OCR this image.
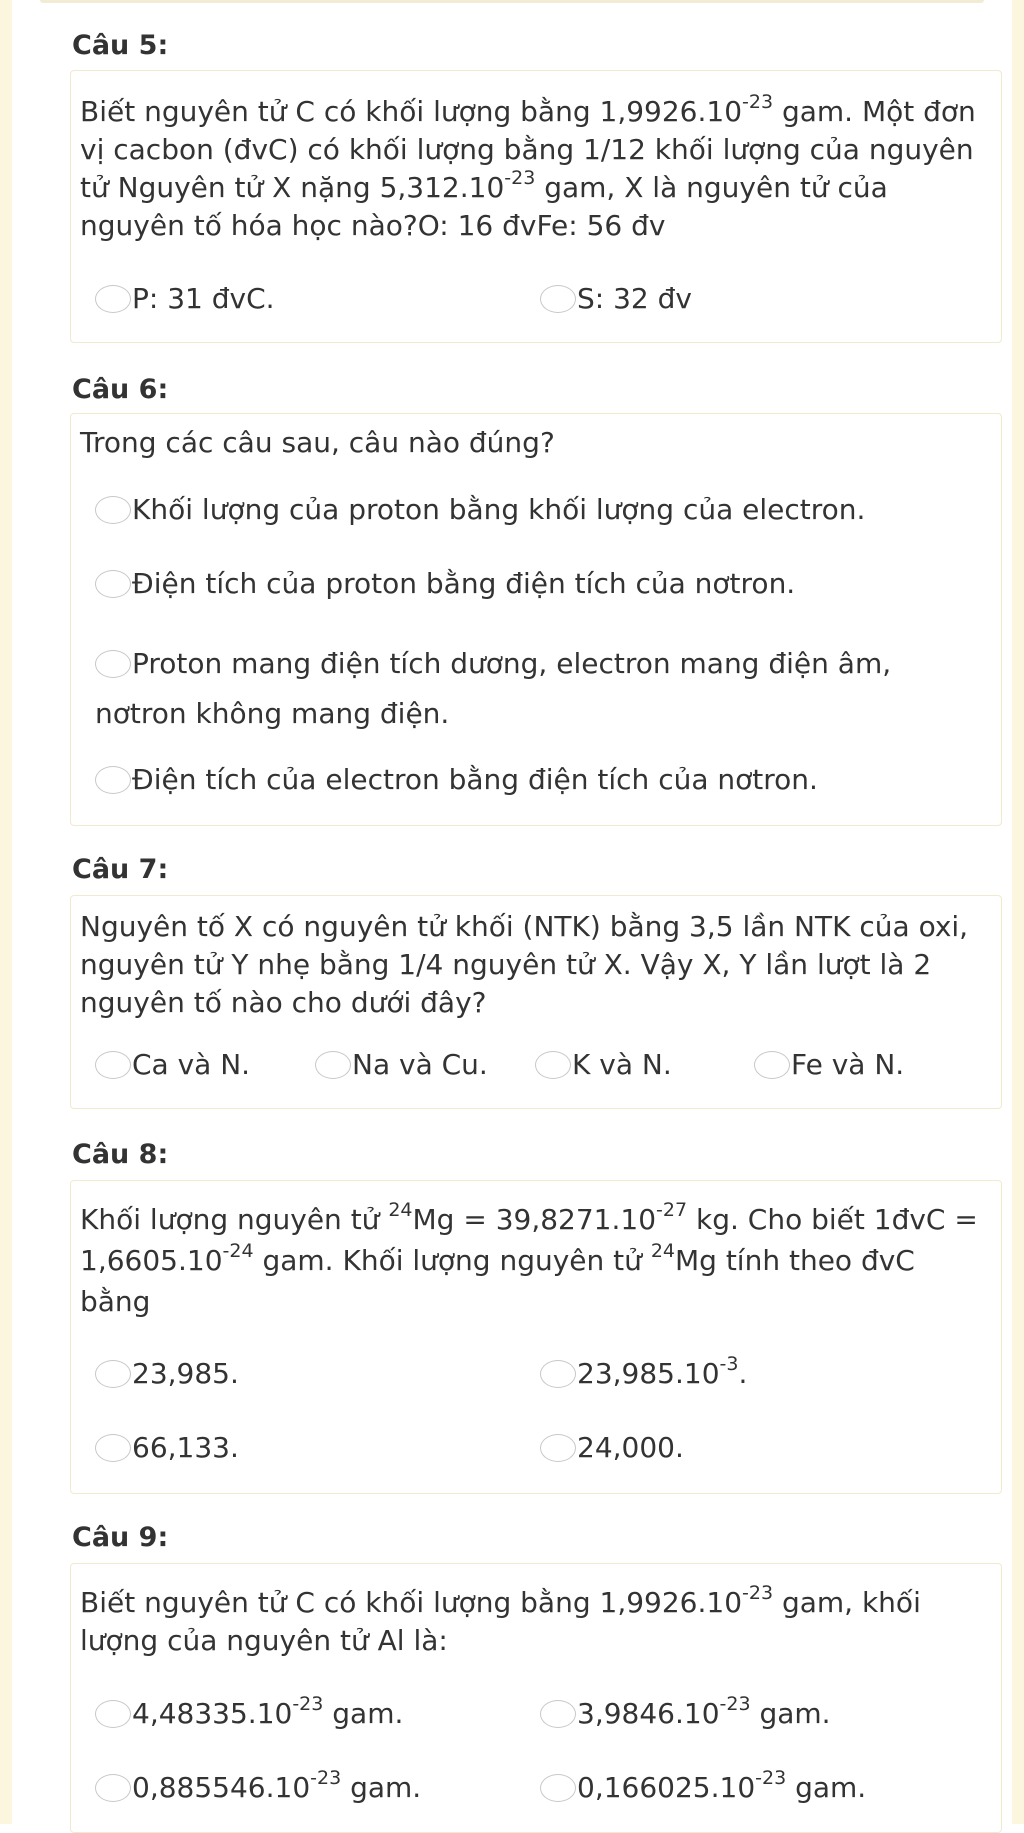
Câu 5:
Biết nguyên tử C có khối lượng bằng $1,9926.10^{-23}$ gam. Một đơn vị cacbon (đvC) có khối lượng bằng 1/12 khối lượng của nguyên tử Nguyên tử X nặng $5,312.10^{-23}$ gam, X là nguyên tử của nguyên tố hóa học nào?O: 16 đvFe: 56 đv
P: 31 đvC.	S: 32 đv
Câu 6:
Trong các câu sau, câu nào đúng?
Khối lượng của proton bằng khối lượng của electron.
Điện tích của proton bằng điện tích của nơtron.
Proton mang điện tích dương, electron mang điện âm, nơtron không mang điện.
Điện tích của electron bằng điện tích của nơtron.
Câu 7:
Nguyên tố X có nguyên tử khối (NTK) bằng 3,5 lần NTK của oxi, nguyên tử Y nhẹ bằng 1/4 nguyên tử X. Vậy X, Y lần lượt là 2 nguyên tố nào cho dưới đây?
Ca và N.	Na và Cu.	K và N.	Fe và N.
Câu 8:
Khối lượng nguyên tử $^{24}Mg = 39,8271.10^{-27}$ kg. Cho biết 1đvC = $1,6605.10^{-24}$ gam. Khối lượng nguyên tử $^{24}$Mg tính theo đvC bằng
23,985.	$23,985.10^{-3}$.
66,133.	24,000.
Câu 9:
Biết nguyên tử C có khối lượng bằng $1,9926.10^{-23}$ gam, khối lượng của nguyên tử Al là:
$4,48335.10^{-23}$ gam.	$3,9846.10^{-23}$ gam.
$0,885546.10^{-23}$ gam.	$0,166025.10^{-23}$ gam.
